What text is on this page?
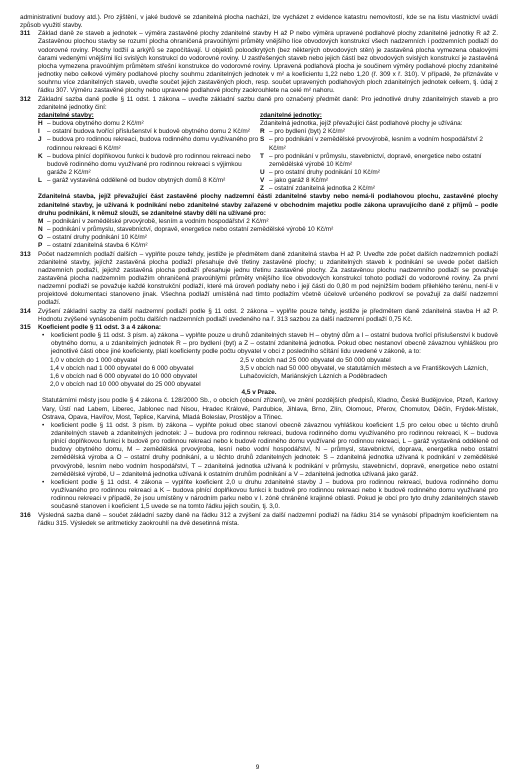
administrativní budovy atd.). Pro zjištění, v jaké budově se zdanitelná plocha nachází, lze vycházet z evidence katastru nemovitostí, kde se na listu vlastnictví uvádí způsob využití stavby.

311	Základ daně ze staveb a jednotek – výměra zastavěné plochy zdanitelné stavby H až P nebo výměra upravené podlahové plochy zdanitelné jednotky R až Z. Zastavěnou plochou stavby se rozumí plocha ohraničená pravoúhlými průměty vnějšího líce obvodových konstrukcí všech nadzemních i podzemních podlaží do vodorovné roviny. Plochy lodžií a arkýřů se započítávají. U objektů poloodkrytých (bez některých obvodových stěn) je zastavěná plocha vymezena obalovými čarami vedenými vnějšími líci svislých konstrukcí do vodorovné roviny. U zastřešených staveb nebo jejich částí bez obvodových svislých konstrukcí je zastavěná plocha vymezena pravoúhlým průmětem střešní konstrukce do vodorovné roviny. Upravená podlahová plocha je součinem výměry podlahové plochy zdanitelné jednotky nebo celkové výměry podlahové plochy souhrnu zdanitelných jednotek v m² a koeficientu 1,22 nebo 1,20 (ř. 309 x ř. 310). V případě, že přiznáváte v souhrnu více zdanitelných staveb, uveďte součet jejich zastavěných ploch, resp. součet upravených podlahových ploch zdanitelných jednotek celkem, tj. údaj z řádku 307. Výměru zastavěné plochy nebo upravené podlahové plochy zaokrouhlete na celé m² nahoru.

312	Základní sazba daně podle § 11 odst. 1 zákona – uveďte základní sazbu daně pro označený předmět daně: Pro jednotlivé druhy zdanitelných staveb a pro zdanitelné jednotky činí:

zdanitelné stavby:
H – budova obytného domu 2 Kč/m²
I	– ostatní budova tvořící příslušenství k budově obytného domu 2 Kč/m²
J – budova pro rodinnou rekreaci, budova rodinného domu využívaného pro rodinnou rekreaci 6 Kč/m²
K – budova plnící doplňkovou funkci k budově pro rodinnou rekreaci nebo budově rodinného domu využívané pro rodinnou rekreaci s výjimkou garáže 2 Kč/m²
L – garáž vystavěná odděleně od budov obytných domů 8 Kč/m²
zdanitelné jednotky:
Zdanitelná jednotka, jejíž převažující část podlahové plochy je užívána:
R – pro bydlení (byt) 2 Kč/m²
S – pro podnikání v zemědělské prvovýrobě, lesním a vodním hospodářství 2 Kč/m²
T – pro podnikání v průmyslu, stavebnictví, dopravě, energetice nebo ostatní zemědělské výrobě 10 Kč/m²
U – pro ostatní druhy podnikání 10 Kč/m²
V – jako garáž 8 Kč/m²
Z – ostatní zdanitelná jednotka 2 Kč/m²

Zdanitelná stavba, jejíž převažující část zastavěné plochy nadzemní části zdanitelné stavby nebo nemá-li podlahovou plochu, zastavěné plochy zdanitelné stavby, je užívaná k podnikání nebo zdanitelné stavby zařazené v obchodním majetku podle zákona upravujícího daně z příjmů – podle druhu podnikání, k němuž slouží, se zdanitelné stavby dělí na užívané pro:

M – podnikání v zemědělské prvovýrobě, lesním a vodním hospodářství 2 Kč/m²
N – podnikání v průmyslu, stavebnictví, dopravě, energetice nebo ostatní zemědělské výrobě 10 Kč/m²
O – ostatní druhy podnikání 10 Kč/m²
P – ostatní zdanitelná stavba 6 Kč/m²
313	Počet nadzemních podlaží dalších – vyplňte pouze tehdy, jestliže je předmětem daně zdanitelná stavba H až P. Uveďte zde počet dalších nadzemních podlaží zdanitelné stavby, jejíchž zastavěná plocha podlaží přesahuje dvě třetiny zastavěné plochy; u zdanitelných staveb k podnikání se uvede počet dalších nadzemních podlaží, jejichž zastavěná plocha podlaží přesahuje jednu třetinu zastavěné plochy. Za zastavěnou plochu nadzemního podlaží se považuje zastavěná plocha nadzemním podlažím ohraničená pravoúhlými průměty vnějšího líce obvodových konstrukcí tohoto podlaží do vodorovné roviny. Za první nadzemní podlaží se považuje každé konstrukční podlaží, které má úroveň podlahy nebo i její části do 0,80 m pod nejnižším bodem přilehlého terénu, není-li v projektové dokumentaci stanoveno jinak. Všechna podlaží umístěná nad tímto podlažím včetně účelově určeného podkroví se považují za další nadzemní podlaží.

314	Zvýšení základní sazby za další nadzemní podlaží podle § 11 odst. 2 zákona – vyplňte pouze tehdy, jestliže je předmětem daně zdanitelná stavba H až P. Hodnotu zvýšené vynásobením počtu dalších nadzemních podlaží uvedeného na ř. 313 sazbou za další nadzemní podlaží 0,75 Kč.

315	Koeficient podle § 11 odst. 3 a 4 zákona:

•	koeficient podle § 11 odst. 3 písm. a) zákona – vyplňte pouze u druhů zdanitelných staveb H – obytný dům a I – ostatní budova tvořící příslušenství k budově obytného domu, a u zdanitelných jednotek R – pro bydlení (byt) a Z – ostatní zdanitelná jednotka. Pokud obec nestanoví obecně závaznou vyhláškou pro jednotlivé části obce jiné koeficienty, platí koeficienty podle počtu obyvatel v obci z posledního sčítání lidu uvedené v zákoně, a to:

1,0 v obcích do 1 000 obyvatel
1,4 v obcích nad 1 000 obyvatel do 6 000 obyvatel
1,6 v obcích nad 6 000 obyvatel do 10 000 obyvatel
2,0 v obcích nad 10 000 obyvatel do 25 000 obyvatel
2,5 v obcích nad 25 000 obyvatel do 50 000 obyvatel
3,5 v obcích nad 50 000 obyvatel, ve statutárních městech a ve Františkových Lázních, Luhačovicích, Mariánských Lázních a Poděbradech
4,5 v Praze.

Statutárními městy jsou podle § 4 zákona č. 128/2000 Sb., o obcích (obecní zřízení), ve znění pozdějších předpisů, Kladno, České Budějovice, Plzeň, Karlovy Vary, Ústí nad Labem, Liberec, Jablonec nad Nisou, Hradec Králové, Pardubice, Jihlava, Brno, Zlín, Olomouc, Přerov, Chomutov, Děčín, Frýdek-Místek, Ostrava, Opava, Havířov, Most, Teplice, Karviná, Mladá Boleslav, Prostějov a Třinec.

•	koeficient podle § 11 odst. 3 písm. b) zákona – vyplňte pokud obec stanoví obecně závaznou vyhláškou koeficient 1,5 pro celou obec u těchto druhů zdanitelných staveb a zdanitelných jednotek: J – budova pro rodinnou rekreaci, budova rodinného domu využívaného pro rodinnou rekreaci, K – budova plnící doplňkovou funkci k budově pro rodinnou rekreaci nebo k budově rodinného domu využívané pro rodinnou rekreaci, L – garáž vystavěná odděleně od budovy obytného domu, M – zemědělská prvovýroba, lesní nebo vodní hospodářství, N – průmysl, stavebnictví, doprava, energetika nebo ostatní zemědělská výroba a O – ostatní druhy podnikání, a u těchto druhů zdanitelných jednotek: S – zdanitelná jednotka užívaná k podnikání v zemědělské prvovýrobě, lesním nebo vodním hospodářství, T – zdanitelná jednotka užívaná k podnikání v průmyslu, stavebnictví, dopravě, energetice nebo ostatní zemědělské výrobě, U – zdanitelná jednotka užívaná k ostatním druhům podnikání a V – zdanitelná jednotka užívaná jako garáž.

•	koeficient podle § 11 odst. 4 zákona – vyplňte koeficient 2,0 u druhu zdanitelné stavby J – budova pro rodinnou rekreaci, budova rodinného domu využívaného pro rodinnou rekreaci a K – budova plnící doplňkovou funkci k budově pro rodinnou rekreaci nebo k budově rodinného domu využívané pro rodinnou rekreaci v případě, že jsou umístěny v národním parku nebo v I. zóně chráněné krajinné oblasti. Pokud je obcí pro tyto druhy zdanitelných staveb současně stanoven i koeficient 1,5 uvede se na tomto řádku jejich součin, tj. 3,0.

316	Výsledná sazba daně – součet základní sazby daně na řádku 312 a zvýšení za další nadzemní podlaží na řádku 314 se vynásobí případným koeficientem na řádku 315. Výsledek se aritmeticky zaokrouhlí na dvě desetinná místa.

9
